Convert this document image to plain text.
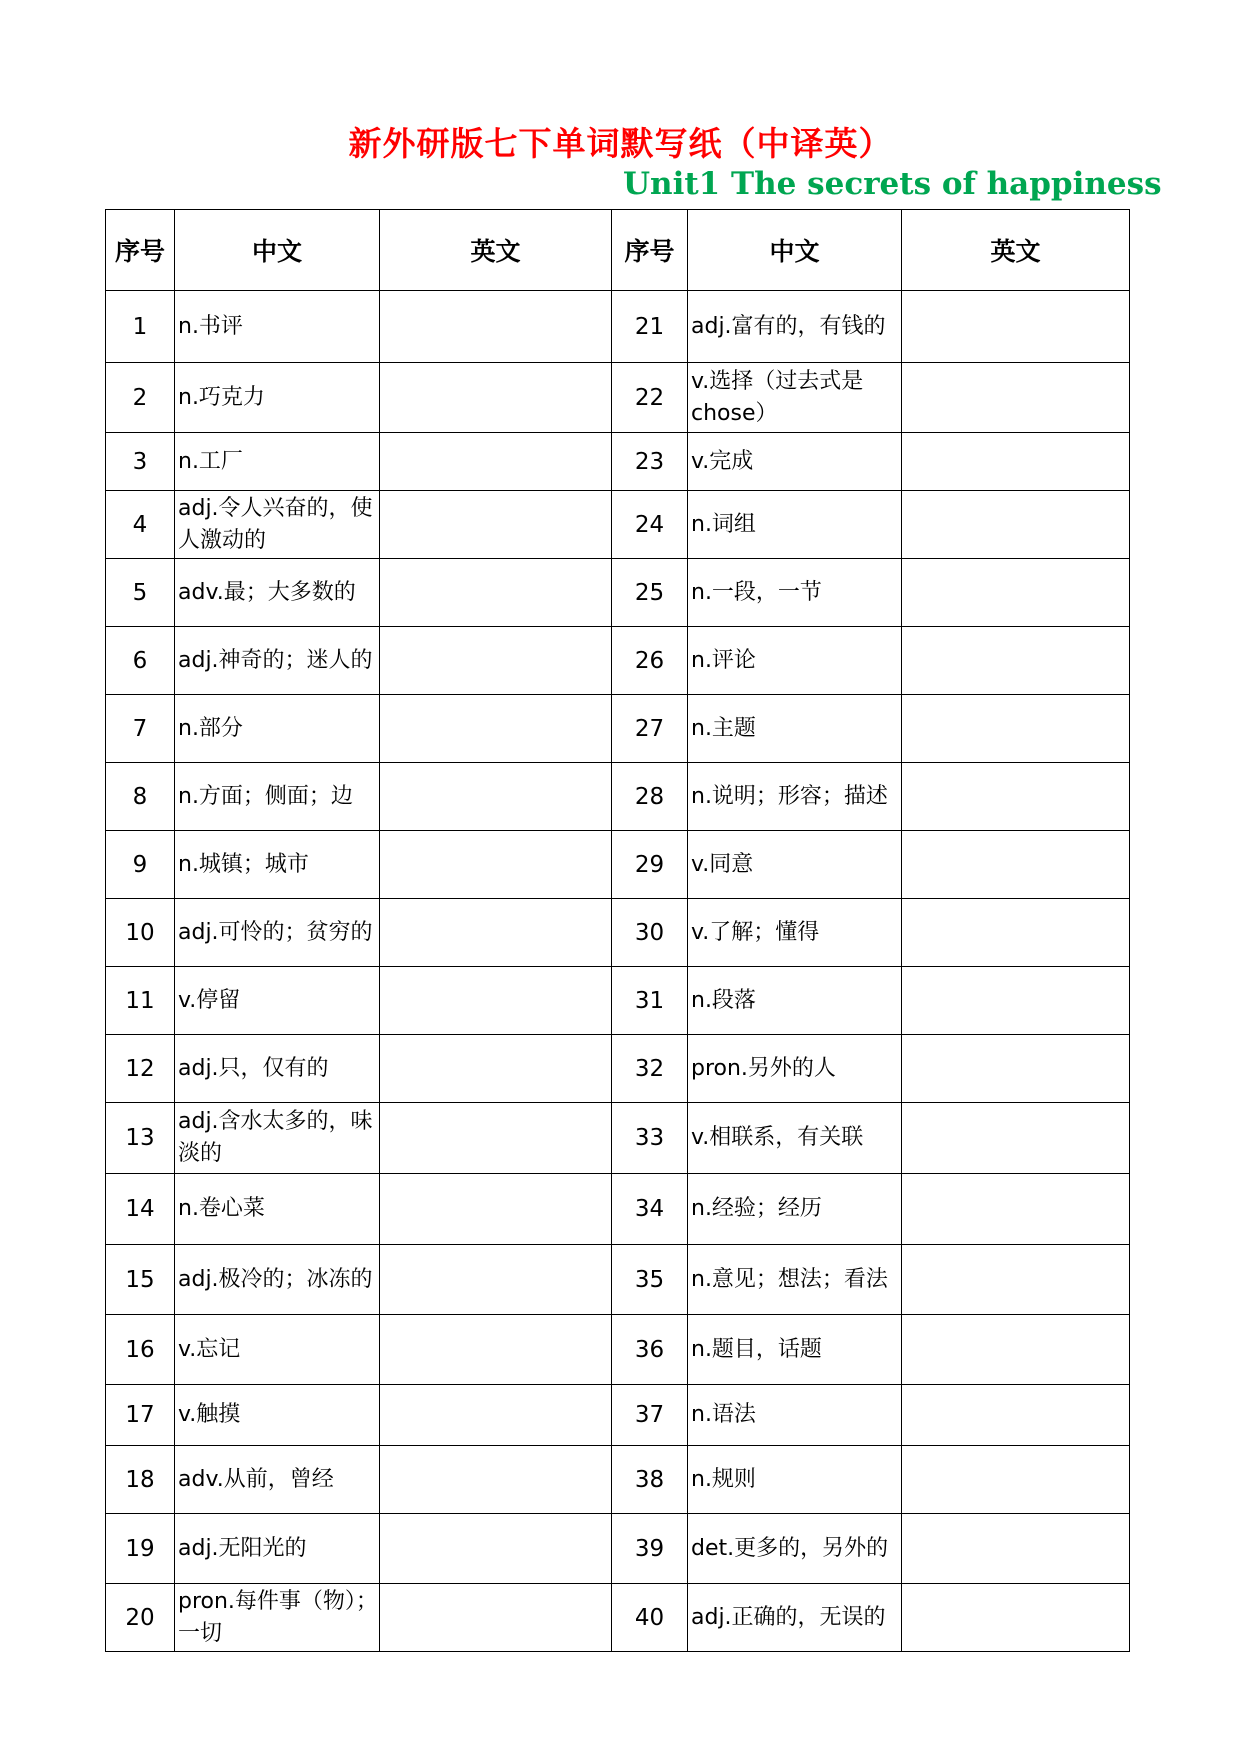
新外研版七下单词默写纸（中译英）
Unit1 The secrets of happiness
序号	中文	英文	序号	中文	英文
1	n.书评		21	adj.富有的，有钱的	
2	n.巧克力		22	v.选择（过去式是chose）	
3	n.工厂		23	v.完成	
4	adj.令人兴奋的，使人激动的		24	n.词组	
5	adv.最；大多数的		25	n.一段，一节	
6	adj.神奇的；迷人的		26	n.评论	
7	n.部分		27	n.主题	
8	n.方面；侧面；边		28	n.说明；形容；描述	
9	n.城镇；城市		29	v.同意	
10	adj.可怜的；贫穷的		30	v.了解；懂得	
11	v.停留		31	n.段落	
12	adj.只，仅有的		32	pron.另外的人	
13	adj.含水太多的，味淡的		33	v.相联系，有关联	
14	n.卷心菜		34	n.经验；经历	
15	adj.极冷的；冰冻的		35	n.意见；想法；看法	
16	v.忘记		36	n.题目，话题	
17	v.触摸		37	n.语法	
18	adv.从前，曾经		38	n.规则	
19	adj.无阳光的		39	det.更多的，另外的	
20	pron.每件事（物）；　一切		40	adj.正确的，无误的	
